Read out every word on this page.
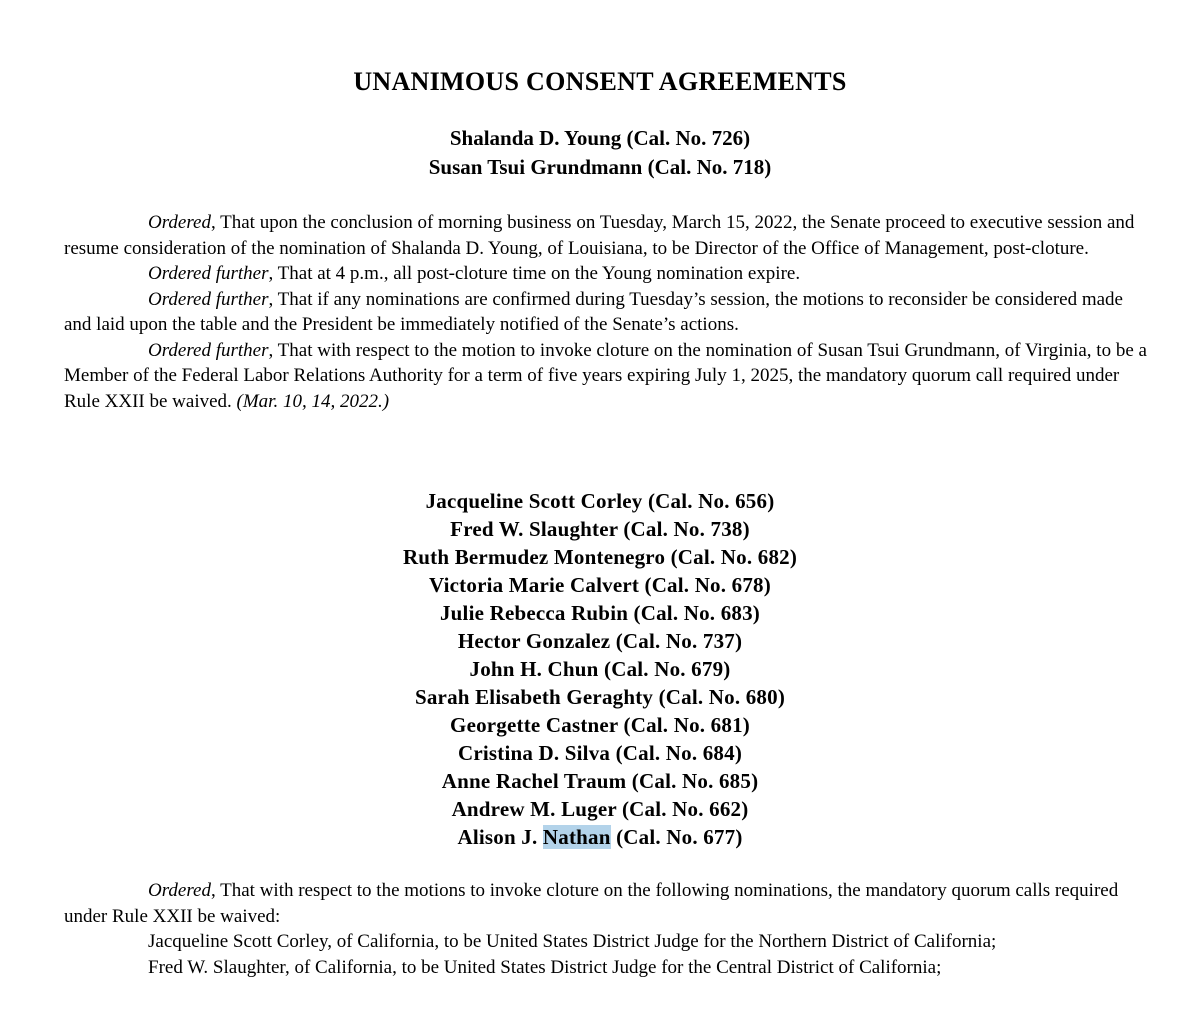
UNANIMOUS CONSENT AGREEMENTS
Shalanda D. Young (Cal. No. 726)
Susan Tsui Grundmann (Cal. No. 718)

Ordered, That upon the conclusion of morning business on Tuesday, March 15, 2022, the Senate proceed to executive session and resume consideration of the nomination of Shalanda D. Young, of Louisiana, to be Director of the Office of Management, post-cloture.

Ordered further, That at 4 p.m., all post-cloture time on the Young nomination expire.

Ordered further, That if any nominations are confirmed during Tuesday’s session, the motions to reconsider be considered made and laid upon the table and the President be immediately notified of the Senate’s actions.

Ordered further, That with respect to the motion to invoke cloture on the nomination of Susan Tsui Grundmann, of Virginia, to be a Member of the Federal Labor Relations Authority for a term of five years expiring July 1, 2025, the mandatory quorum call required under Rule XXII be waived. (Mar. 10, 14, 2022.)

Jacqueline Scott Corley (Cal. No. 656)
Fred W. Slaughter (Cal. No. 738)
Ruth Bermudez Montenegro (Cal. No. 682)
Victoria Marie Calvert (Cal. No. 678)
Julie Rebecca Rubin (Cal. No. 683)
Hector Gonzalez (Cal. No. 737)
John H. Chun (Cal. No. 679)
Sarah Elisabeth Geraghty (Cal. No. 680)
Georgette Castner (Cal. No. 681)
Cristina D. Silva (Cal. No. 684)
Anne Rachel Traum (Cal. No. 685)
Andrew M. Luger (Cal. No. 662)
Alison J. Nathan (Cal. No. 677)

Ordered, That with respect to the motions to invoke cloture on the following nominations, the mandatory quorum calls required under Rule XXII be waived:

Jacqueline Scott Corley, of California, to be United States District Judge for the Northern District of California;

Fred W. Slaughter, of California, to be United States District Judge for the Central District of California;
